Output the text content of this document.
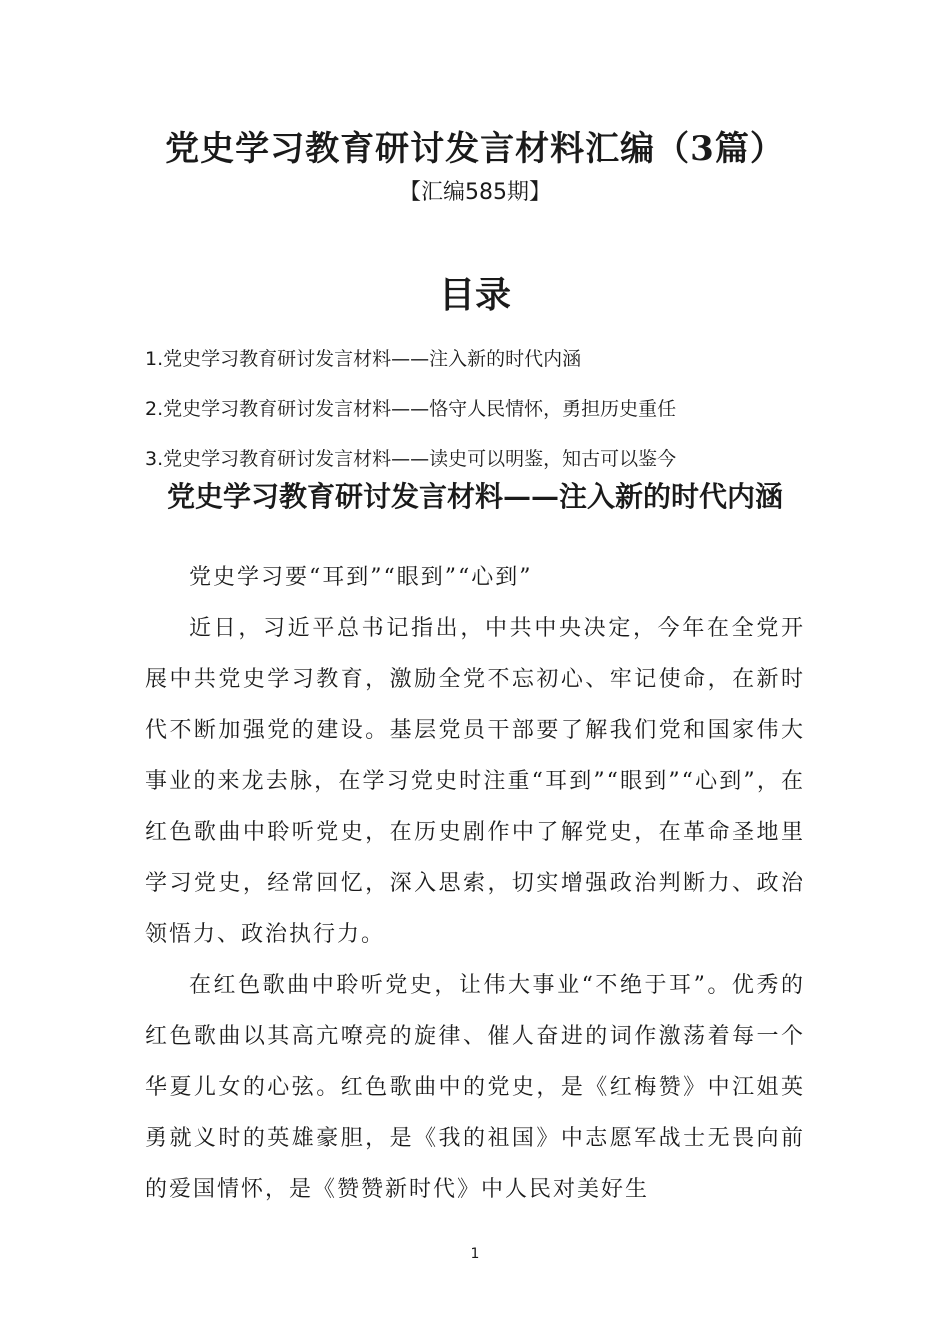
党史学习教育研讨发言材料汇编（3篇）
【汇编585期】
目录
1.党史学习教育研讨发言材料——注入新的时代内涵
2.党史学习教育研讨发言材料——恪守人民情怀，勇担历史重任
3.党史学习教育研讨发言材料——读史可以明鉴，知古可以鉴今
党史学习教育研讨发言材料——注入新的时代内涵

党史学习要“耳到”“眼到”“心到”

近日，习近平总书记指出，中共中央决定，今年在全党开展中共党史学习教育，激励全党不忘初心、牢记使命，在新时代不断加强党的建设。基层党员干部要了解我们党和国家伟大事业的来龙去脉，在学习党史时注重“耳到”“眼到”“心到”，在红色歌曲中聆听党史，在历史剧作中了解党史，在革命圣地里学习党史，经常回忆，深入思索，切实增强政治判断力、政治领悟力、政治执行力。

在红色歌曲中聆听党史，让伟大事业“不绝于耳”。优秀的红色歌曲以其高亢嘹亮的旋律、催人奋进的词作激荡着每一个华夏儿女的心弦。红色歌曲中的党史，是《红梅赞》中江姐英勇就义时的英雄豪胆，是《我的祖国》中志愿军战士无畏向前的爱国情怀，是《赞赞新时代》中人民对美好生

1
